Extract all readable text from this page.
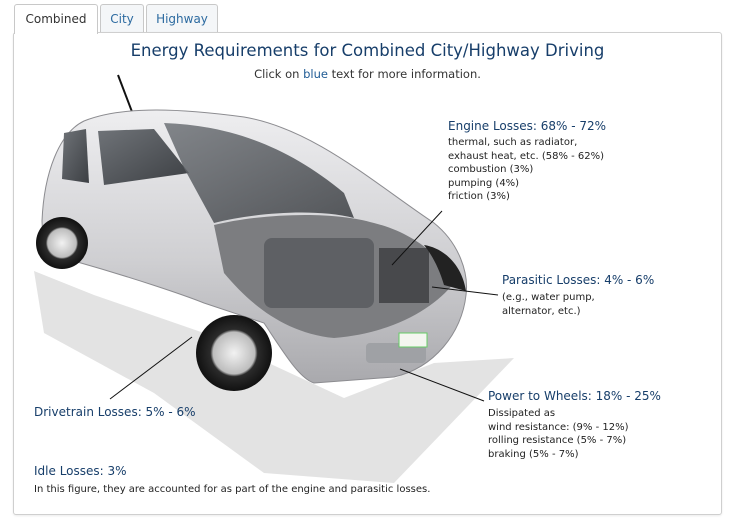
Combined	City	Highway
Energy Requirements for Combined City/Highway Driving
Click on blue text for more information.
Engine Losses: 68% - 72%
thermal, such as radiator,
exhaust heat, etc. (58% - 62%)
combustion (3%)
pumping (4%)
friction (3%)
Parasitic Losses: 4% - 6%
(e.g., water pump,
alternator, etc.)
Power to Wheels: 18% - 25%
Dissipated as
wind resistance: (9% - 12%)
rolling resistance (5% - 7%)
braking (5% - 7%)
Drivetrain Losses: 5% - 6%
Idle Losses: 3%
In this figure, they are accounted for as part of the engine and parasitic losses.
